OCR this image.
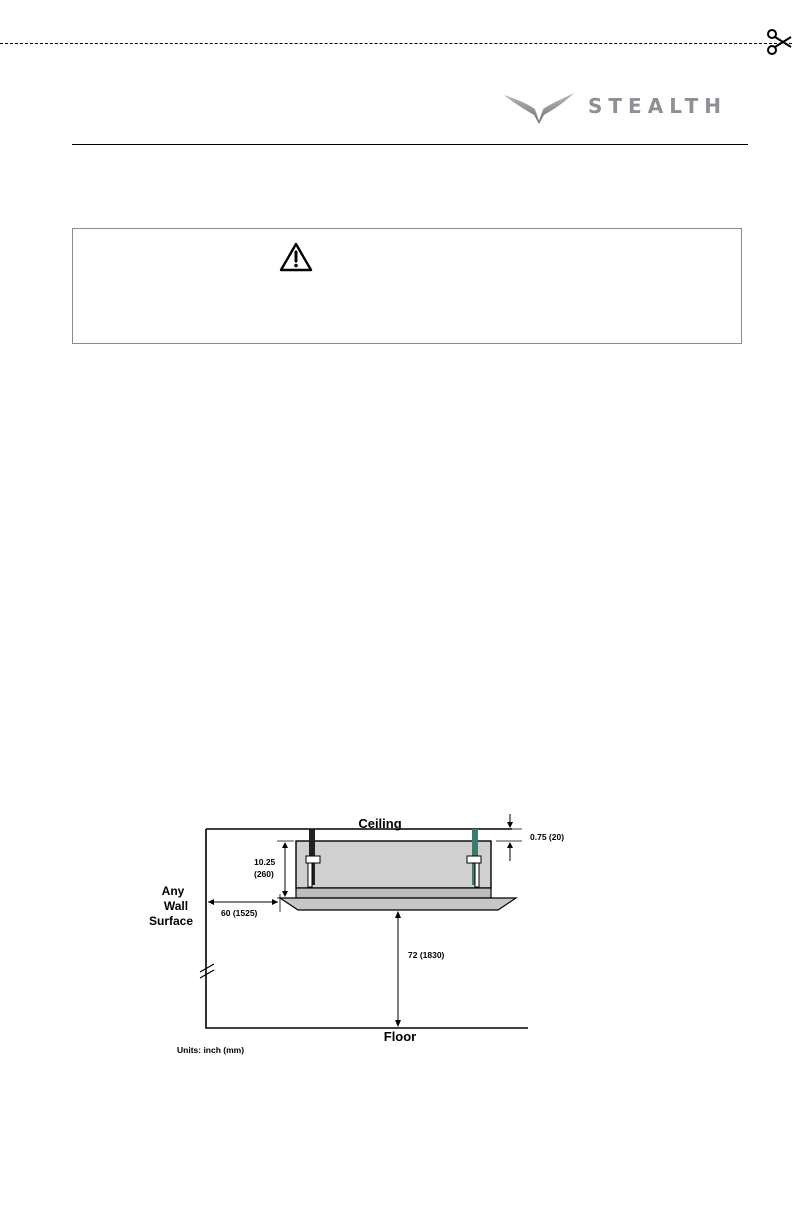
STEALTH
Ceiling
Floor
Any
Wall
Surface
0.75 (20)
10.25
(260)
60 (1525)
72 (1830)
Units: inch (mm)
